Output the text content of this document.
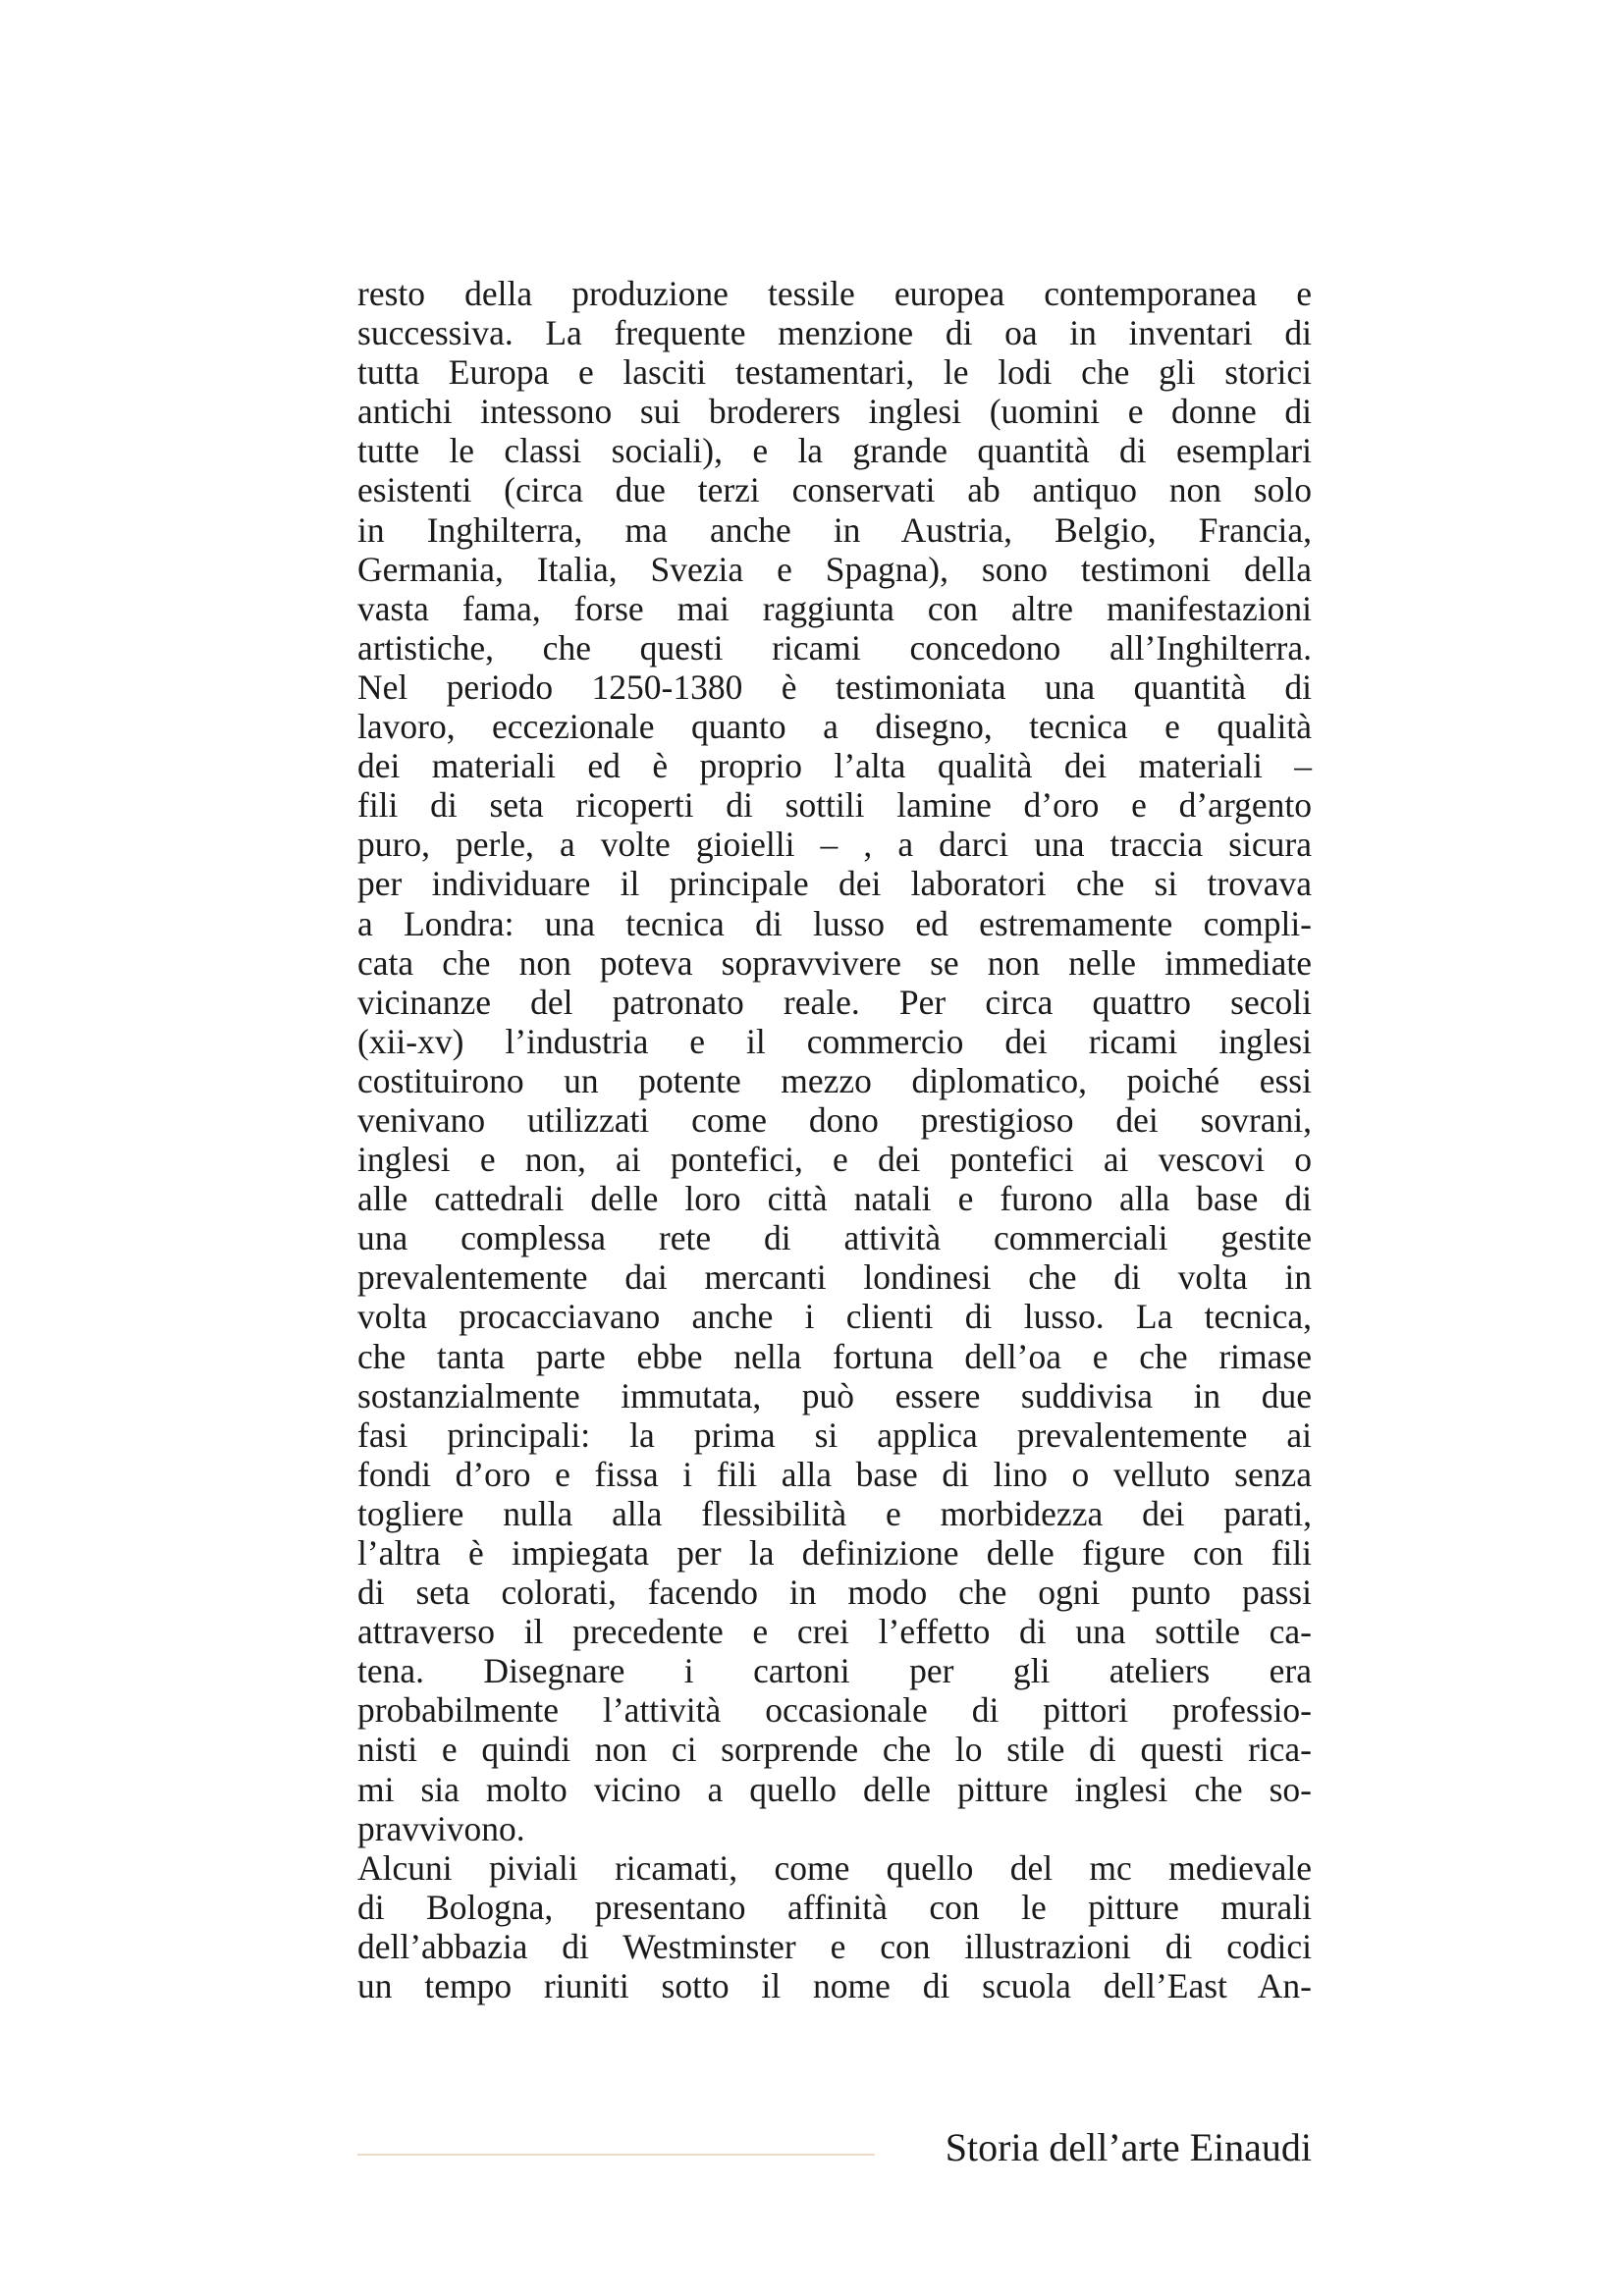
resto della produzione tessile europea contemporanea e
successiva. La frequente menzione di oa in inventari di
tutta Europa e lasciti testamentari, le lodi che gli storici
antichi intessono sui broderers inglesi (uomini e donne di
tutte le classi sociali), e la grande quantità di esemplari
esistenti (circa due terzi conservati ab antiquo non solo
in Inghilterra, ma anche in Austria, Belgio, Francia,
Germania, Italia, Svezia e Spagna), sono testimoni della
vasta fama, forse mai raggiunta con altre manifestazioni
artistiche, che questi ricami concedono all’Inghilterra.
Nel periodo 1250-1380 è testimoniata una quantità di
lavoro, eccezionale quanto a disegno, tecnica e qualità
dei materiali ed è proprio l’alta qualità dei materiali –
fili di seta ricoperti di sottili lamine d’oro e d’argento
puro, perle, a volte gioielli – , a darci una traccia sicura
per individuare il principale dei laboratori che si trovava
a Londra: una tecnica di lusso ed estremamente compli-
cata che non poteva sopravvivere se non nelle immediate
vicinanze del patronato reale. Per circa quattro secoli
(xii-xv) l’industria e il commercio dei ricami inglesi
costituirono un potente mezzo diplomatico, poiché essi
venivano utilizzati come dono prestigioso dei sovrani,
inglesi e non, ai pontefici, e dei pontefici ai vescovi o
alle cattedrali delle loro città natali e furono alla base di
una complessa rete di attività commerciali gestite
prevalentemente dai mercanti londinesi che di volta in
volta procacciavano anche i clienti di lusso. La tecnica,
che tanta parte ebbe nella fortuna dell’oa e che rimase
sostanzialmente immutata, può essere suddivisa in due
fasi principali: la prima si applica prevalentemente ai
fondi d’oro e fissa i fili alla base di lino o velluto senza
togliere nulla alla flessibilità e morbidezza dei parati,
l’altra è impiegata per la definizione delle figure con fili
di seta colorati, facendo in modo che ogni punto passi
attraverso il precedente e crei l’effetto di una sottile ca-
tena. Disegnare i cartoni per gli ateliers era
probabilmente l’attività occasionale di pittori professio-
nisti e quindi non ci sorprende che lo stile di questi rica-
mi sia molto vicino a quello delle pitture inglesi che so-
pravvivono.
Alcuni piviali ricamati, come quello del mc medievale
di Bologna, presentano affinità con le pitture murali
dell’abbazia di Westminster e con illustrazioni di codici
un tempo riuniti sotto il nome di scuola dell’East An-
Storia dell’arte Einaudi
